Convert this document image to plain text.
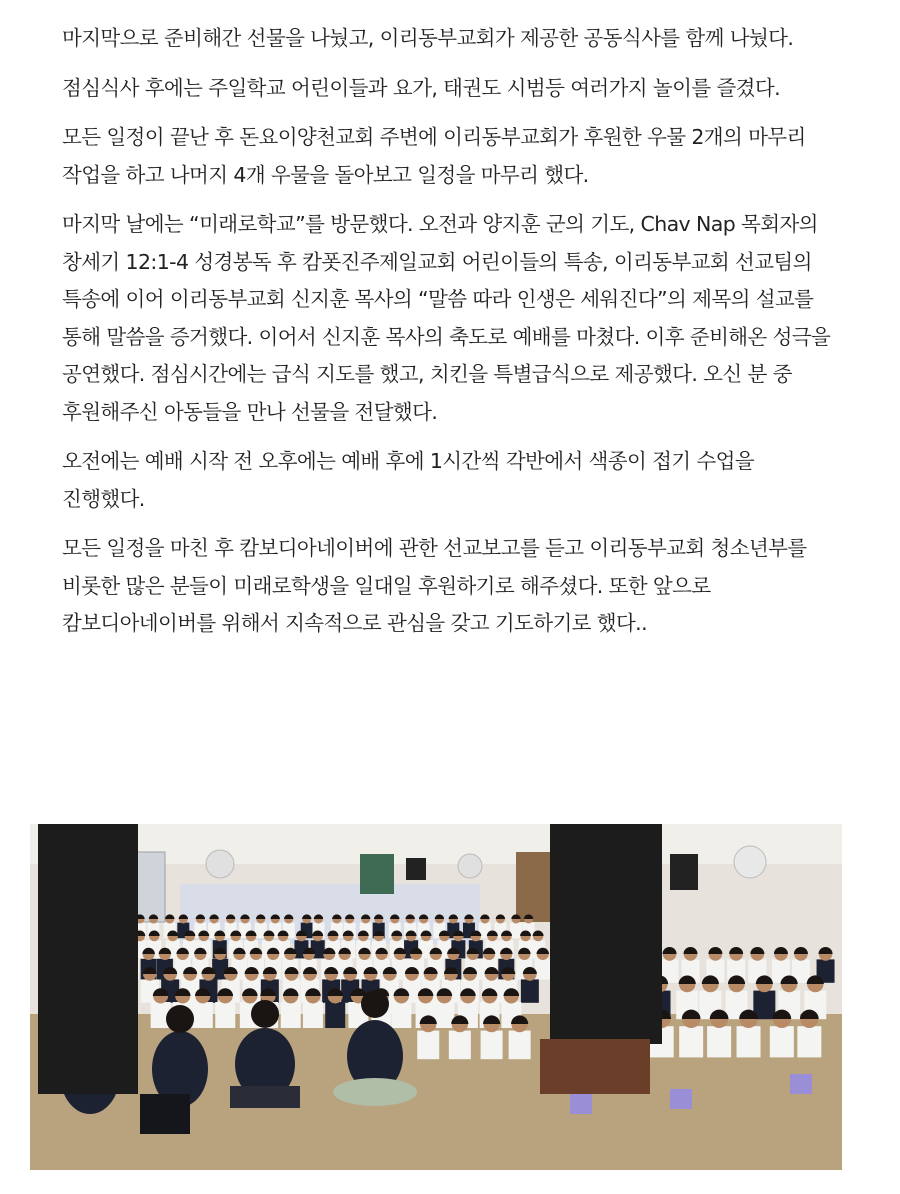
마지막으로 준비해간 선물을 나눴고, 이리동부교회가 제공한 공동식사를 함께 나눴다.

점심식사 후에는 주일학교 어린이들과 요가, 태권도 시범등 여러가지 놀이를 즐겼다.

모든 일정이 끝난 후 돈요이양천교회 주변에 이리동부교회가 후원한 우물 2개의 마무리 작업을 하고 나머지 4개 우물을 돌아보고 일정을 마무리 했다.

마지막 날에는 “미래로학교”를 방문했다. 오전과 양지훈 군의 기도, Chav Nap 목회자의 창세기 12:1-4 성경봉독 후 캄폿진주제일교회 어린이들의 특송, 이리동부교회 선교팀의 특송에 이어 이리동부교회 신지훈 목사의 “말씀 따라 인생은 세워진다”의 제목의 설교를 통해 말씀을 증거했다. 이어서 신지훈 목사의 축도로 예배를 마쳤다. 이후 준비해온 성극을 공연했다. 점심시간에는 급식 지도를 했고, 치킨을 특별급식으로 제공했다. 오신 분 중 후원해주신 아동들을 만나 선물을 전달했다.

오전에는 예배 시작 전 오후에는 예배 후에 1시간씩 각반에서 색종이 접기 수업을 진행했다.

모든 일정을 마친 후 캄보디아네이버에 관한 선교보고를 듣고 이리동부교회 청소년부를 비롯한 많은 분들이 미래로학생을 일대일 후원하기로 해주셨다. 또한 앞으로 캄보디아네이버를 위해서 지속적으로 관심을 갖고 기도하기로 했다..
